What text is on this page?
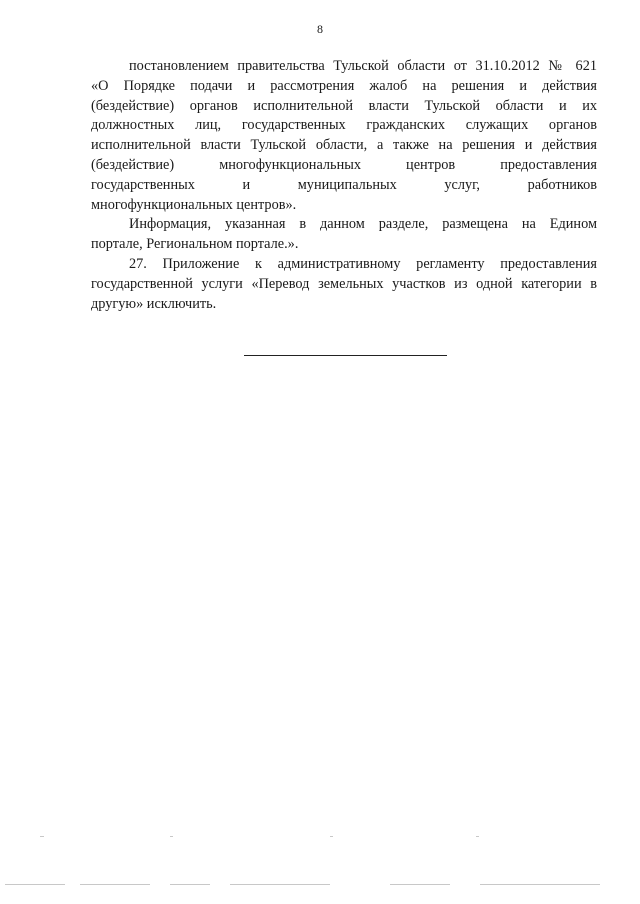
8
постановлением правительства Тульской области от 31.10.2012 № 621
«О Порядке подачи и рассмотрения жалоб на решения и действия
(бездействие) органов исполнительной власти Тульской области и их
должностных лиц, государственных гражданских служащих органов
исполнительной власти Тульской области, а также на решения и действия
(бездействие) многофункциональных центров предоставления
государственных и муниципальных услуг, работников
многофункциональных центров».
Информация, указанная в данном разделе, размещена на Едином
портале, Региональном портале.».
27. Приложение к административному регламенту предоставления
государственной услуги «Перевод земельных участков из одной категории в
другую» исключить.
